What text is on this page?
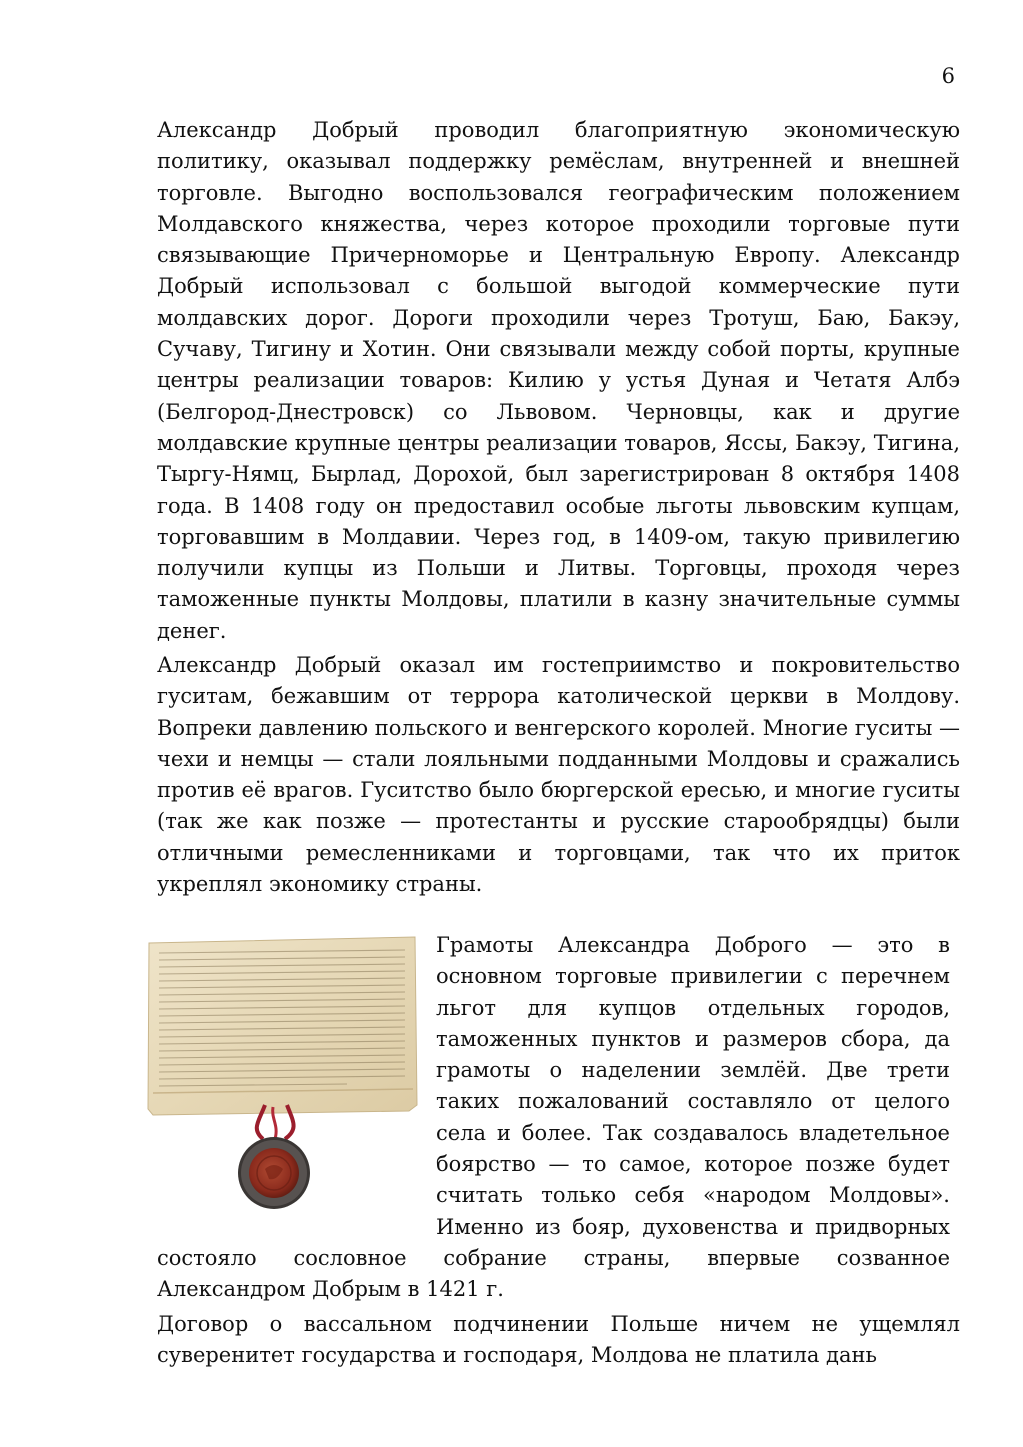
6

Александр Добрый проводил благоприятную экономическую политику, оказывал поддержку ремёслам, внутренней и внешней торговле. Выгодно воспользовался географическим положением Молдавского княжества, через которое проходили торговые пути связывающие Причерноморье и Центральную Европу. Александр Добрый использовал с большой выгодой коммерческие пути молдавских дорог. Дороги проходили через Тротуш, Баю, Бакэу, Сучаву, Тигину и Хотин. Они связывали между собой порты, крупные центры реализации товаров: Килию у устья Дуная и Четатя Албэ (Белгород-Днестровск) со Львовом. Черновцы, как и другие молдавские крупные центры реализации товаров, Яссы, Бакэу, Тигина, Тыргу-Нямц, Бырлад, Дорохой, был зарегистрирован 8 октября 1408 года. В 1408 году он предоставил особые льготы львовским купцам, торговавшим в Молдавии. Через год, в 1409-ом, такую привилегию получили купцы из Польши и Литвы. Торговцы, проходя через таможенные пункты Молдовы, платили в казну значительные суммы денег.

Александр Добрый оказал им гостеприимство и покровительство гуситам, бежавшим от террора католической церкви в Молдову. Вопреки давлению польского и венгерского королей. Многие гуситы — чехи и немцы — стали лояльными подданными Молдовы и сражались против её врагов. Гуситство было бюргерской ересью, и многие гуситы (так же как позже — протестанты и русские старообрядцы) были отличными ремесленниками и торговцами, так что их приток укреплял экономику страны.

Грамоты Александра Доброго — это в основном торговые привилегии с перечнем льгот для купцов отдельных городов, таможенных пунктов и размеров сбора, да грамоты о наделении землёй. Две трети таких пожалований составляло от целого села и более. Так создавалось владетельное боярство — то самое, которое позже будет считать только себя «народом Молдовы». Именно из бояр, духовенства и придворных состояло сословное собрание страны, впервые созванное Александром Добрым в 1421 г.

Договор о вассальном подчинении Польше ничем не ущемлял суверенитет государства и господаря, Молдова не платила дань
